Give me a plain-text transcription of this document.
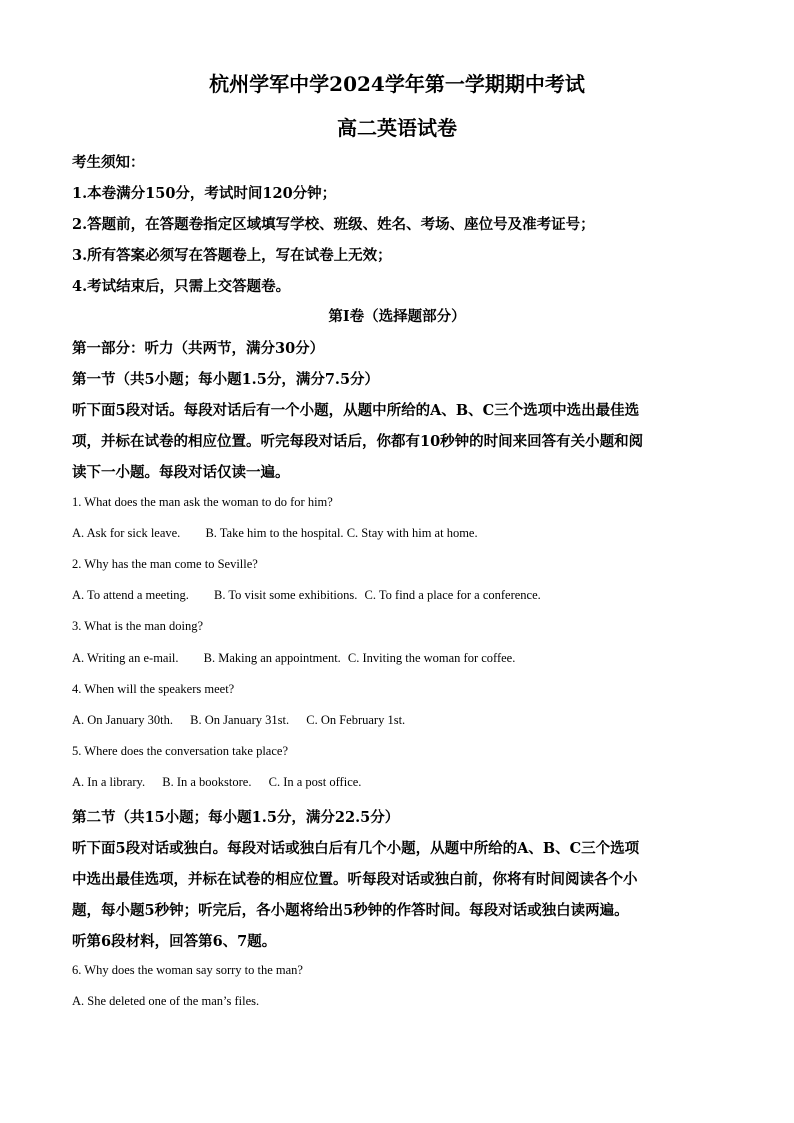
杭州学军中学2024学年第一学期期中考试
高二英语试卷
考生须知：
1.本卷满分150分，考试时间120分钟；
2.答题前，在答题卷指定区域填写学校、班级、姓名、考场、座位号及准考证号；
3.所有答案必须写在答题卷上，写在试卷上无效；
4.考试结束后，只需上交答题卷。
第Ⅰ卷（选择题部分）
第一部分：听力（共两节，满分30分）
第一节（共5小题；每小题1.5分，满分7.5分）
听下面5段对话。每段对话后有一个小题，从题中所给的A、B、C三个选项中选出最佳选
项，并标在试卷的相应位置。听完每段对话后，你都有10秒钟的时间来回答有关小题和阅
读下一小题。每段对话仅读一遍。
1. What does the man ask the woman to do for him?
A. Ask for sick leave. B. Take him to the hospital. C. Stay with him at home.
2. Why has the man come to Seville?
A. To attend a meeting. B. To visit some exhibitions. C. To find a place for a conference.
3. What is the man doing?
A. Writing an e-mail. B. Making an appointment. C. Inviting the woman for coffee.
4. When will the speakers meet?
A. On January 30th. B. On January 31st. C. On February 1st.
5. Where does the conversation take place?
A. In a library. B. In a bookstore. C. In a post office.
第二节（共15小题；每小题1.5分，满分22.5分）
听下面5段对话或独白。每段对话或独白后有几个小题，从题中所给的A、B、C三个选项
中选出最佳选项，并标在试卷的相应位置。听每段对话或独白前，你将有时间阅读各个小
题，每小题5秒钟；听完后，各小题将给出5秒钟的作答时间。每段对话或独白读两遍。
听第6段材料，回答第6、7题。
6. Why does the woman say sorry to the man?
A. She deleted one of the man’s files.
